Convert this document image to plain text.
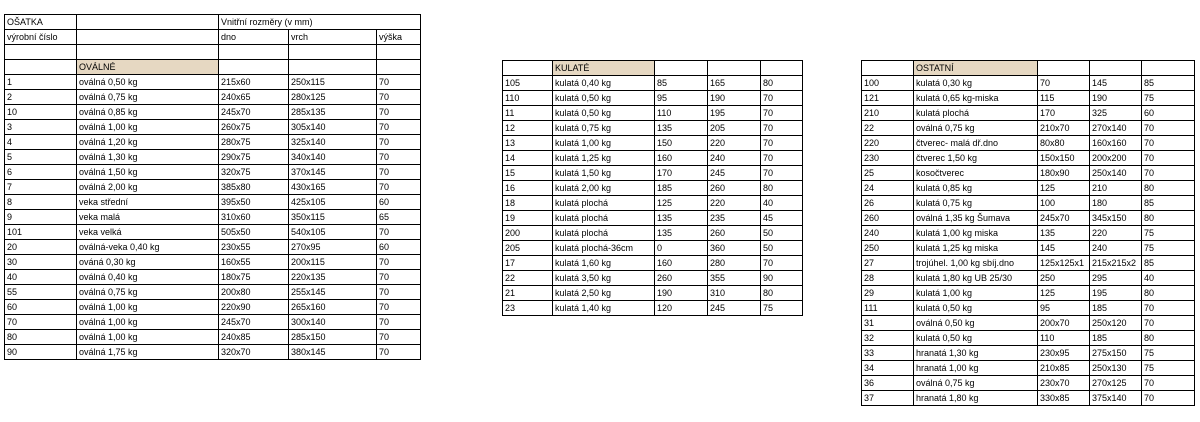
OŠATKA		Vnitřní rozměry (v mm)		
výrobní číslo		dno	vrch	výška

	OVÁLNÉ			
1	oválná 0,50 kg	215x60	250x115	70
2	oválná 0,75 kg	240x65	280x125	70
10	oválná 0,85 kg	245x70	285x135	70
3	oválná 1,00 kg	260x75	305x140	70
4	oválná 1,20 kg	280x75	325x140	70
5	oválná 1,30 kg	290x75	340x140	70
6	oválná 1,50 kg	320x75	370x145	70
7	oválná 2,00 kg	385x80	430x165	70
8	veka střední	395x50	425x105	60
9	veka malá	310x60	350x115	65
101	veka velká	505x50	540x105	70
20	oválná-veka 0,40 kg	230x55	270x95	60
30	ováná 0,30 kg	160x55	200x115	70
40	oválná 0,40 kg	180x75	220x135	70
55	oválná 0,75 kg	200x80	255x145	70
60	oválná 1,00 kg	220x90	265x160	70
70	oválná 1,00 kg	245x70	300x140	70
80	oválná 1,00 kg	240x85	285x150	70
90	oválná 1,75 kg	320x70	380x145	70
	KULATÉ			
105	kulatá 0,40 kg	85	165	80
110	kulatá 0,50 kg	95	190	70
11	kulatá 0,50 kg	110	195	70
12	kulatá 0,75 kg	135	205	70
13	kulatá 1,00 kg	150	220	70
14	kulatá 1,25 kg	160	240	70
15	kulatá 1,50 kg	170	245	70
16	kulatá 2,00 kg	185	260	80
18	kulatá plochá	125	220	40
19	kulatá plochá	135	235	45
200	kulatá plochá	135	260	50
205	kulatá plochá-36cm	0	360	50
17	kulatá 1,60 kg	160	280	70
22	kulatá 3,50 kg	260	355	90
21	kulatá 2,50 kg	190	310	80
23	kulatá 1,40 kg	120	245	75
	OSTATNÍ			
100	kulatá 0,30 kg	70	145	85
121	kulatá 0,65 kg-miska	115	190	75
210	kulatá plochá	170	325	60
22	oválná 0,75 kg	210x70	270x140	70
220	čtverec- malá dř.dno	80x80	160x160	70
230	čtverec 1,50 kg	150x150	200x200	70
25	kosočtverec	180x90	250x140	70
24	kulatá 0,85 kg	125	210	80
26	kulatá 0,75 kg	100	180	85
260	oválná 1,35 kg Šumava	245x70	345x150	80
240	kulatá 1,00 kg miska	135	220	75
250	kulatá 1,25 kg miska	145	240	75
27	trojúhel. 1,00 kg sbíj.dno	125x125x1	215x215x2	85
28	kulatá 1,80 kg UB 25/30	250	295	40
29	kulatá 1,00 kg	125	195	80
111	kulatá 0,50 kg	95	185	70
31	oválná 0,50 kg	200x70	250x120	70
32	kulatá 0,50 kg	110	185	80
33	hranatá 1,30 kg	230x95	275x150	75
34	hranatá 1,00 kg	210x85	250x130	75
36	oválná 0,75 kg	230x70	270x125	70
37	hranatá 1,80 kg	330x85	375x140	70
